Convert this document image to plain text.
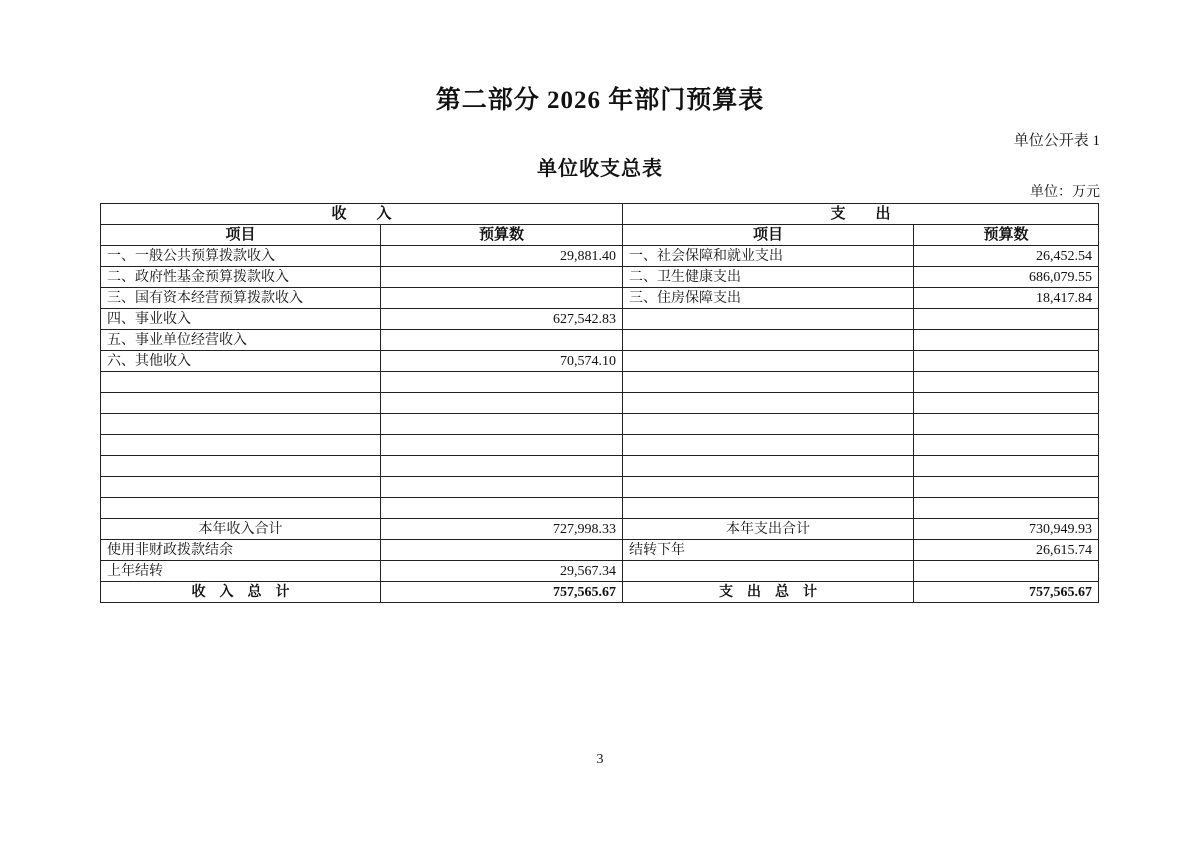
第二部分 2026 年部门预算表
单位公开表 1
单位收支总表
单位：万元
收　　入		支　　出	
项目	预算数	项目	预算数
一、一般公共预算拨款收入	29,881.40	一、社会保障和就业支出	26,452.54
二、政府性基金预算拨款收入		二、卫生健康支出	686,079.55
三、国有资本经营预算拨款收入		三、住房保障支出	18,417.84
四、事业收入	627,542.83		
五、事业单位经营收入			
六、其他收入	70,574.10		

本年收入合计	727,998.33	本年支出合计	730,949.93
使用非财政拨款结余		结转下年	26,615.74
上年结转	29,567.34		
收　入　总　计	757,565.67	支　出　总　计	757,565.67
3
